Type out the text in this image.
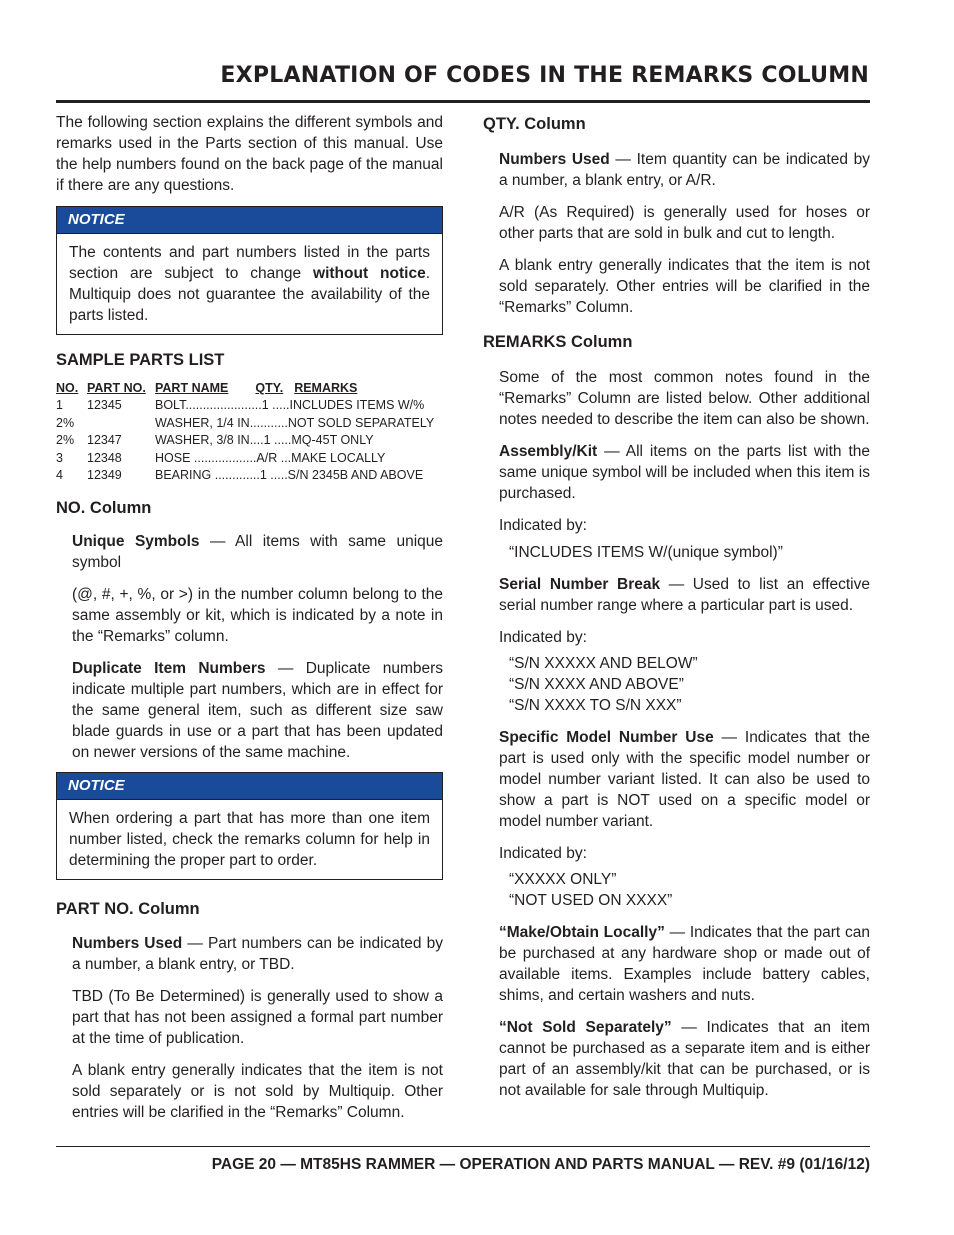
EXPLANATION OF CODES IN THE REMARKS COLUMN

The following section explains the different symbols and remarks used in the Parts section of this manual. Use the help numbers found on the back page of the manual if there are any questions.

NOTICE

The contents and part numbers listed in the parts section are subject to change without notice. Multiquip does not guarantee the availability of the parts listed.

SAMPLE PARTS LIST
NO.	PART NO.	PART NAME QTY. REMARKS
1	12345	BOLT......................1 .....INCLUDES ITEMS W/%
2%		WASHER, 1/4 IN...........NOT SOLD SEPARATELY
2%	12347	WASHER, 3/8 IN....1 .....MQ-45T ONLY
3	12348	HOSE ..................A/R ...MAKE LOCALLY
4	12349	BEARING .............1 .....S/N 2345B AND ABOVE
NO. Column

Unique Symbols — All items with same unique symbol

(@, #, +, %, or >) in the number column belong to the same assembly or kit, which is indicated by a note in the “Remarks” column.

Duplicate Item Numbers — Duplicate numbers indicate multiple part numbers, which are in effect for the same general item, such as different size saw blade guards in use or a part that has been updated on newer versions of the same machine.

NOTICE

When ordering a part that has more than one item number listed, check the remarks column for help in determining the proper part to order.

PART NO. Column

Numbers Used — Part numbers can be indicated by a number, a blank entry, or TBD.

TBD (To Be Determined) is generally used to show a part that has not been assigned a formal part number at the time of publication.

A blank entry generally indicates that the item is not sold separately or is not sold by Multiquip. Other entries will be clarified in the “Remarks” Column.

QTY. Column

Numbers Used — Item quantity can be indicated by a number, a blank entry, or A/R.

A/R (As Required) is generally used for hoses or other parts that are sold in bulk and cut to length.

A blank entry generally indicates that the item is not sold separately. Other entries will be clarified in the “Remarks” Column.

REMARKS Column

Some of the most common notes found in the “Remarks” Column are listed below. Other additional notes needed to describe the item can also be shown.

Assembly/Kit — All items on the parts list with the same unique symbol will be included when this item is purchased.

Indicated by:

“INCLUDES ITEMS W/(unique symbol)”

Serial Number Break — Used to list an effective serial number range where a particular part is used.

Indicated by:

“S/N XXXXX AND BELOW”

“S/N XXXX AND ABOVE”

“S/N XXXX TO S/N XXX”

Specific Model Number Use — Indicates that the part is used only with the specific model number or model number variant listed. It can also be used to show a part is NOT used on a specific model or model number variant.

Indicated by:

“XXXXX ONLY”

“NOT USED ON XXXX”

“Make/Obtain Locally” — Indicates that the part can be purchased at any hardware shop or made out of available items. Examples include battery cables, shims, and certain washers and nuts.

“Not Sold Separately” — Indicates that an item cannot be purchased as a separate item and is either part of an assembly/kit that can be purchased, or is not available for sale through Multiquip.

PAGE 20 — MT85HS RAMMER — OPERATION AND PARTS MANUAL — REV. #9 (01/16/12)
